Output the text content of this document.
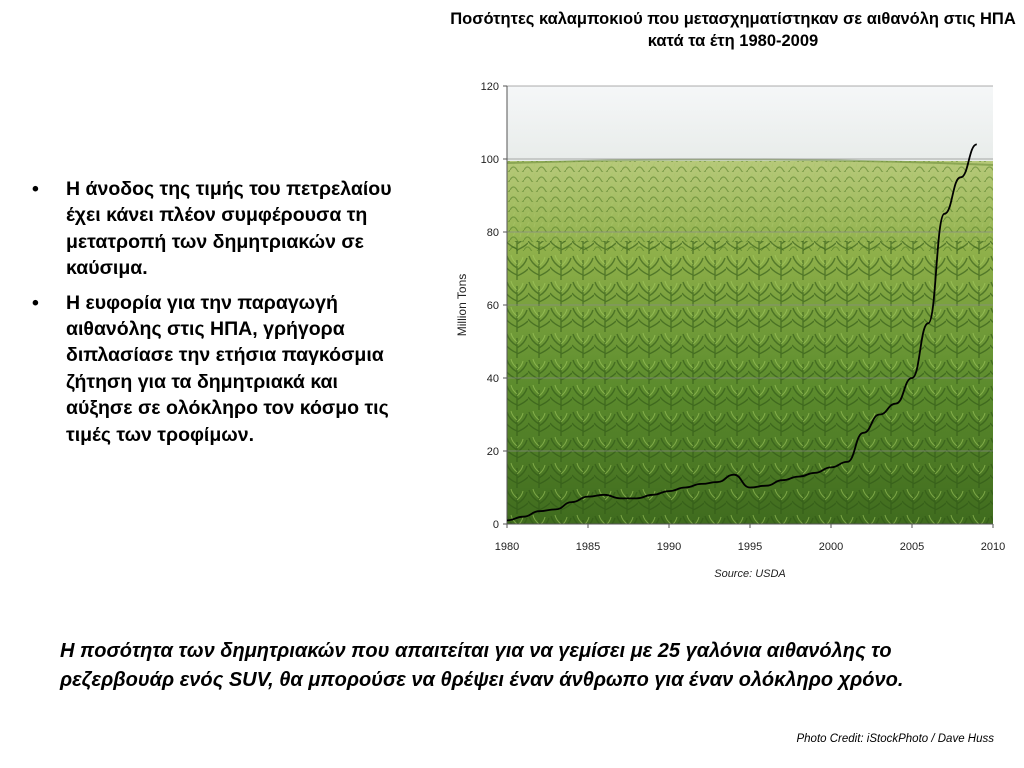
• Η άνοδος της τιμής του πετρελαίου έχει κάνει πλέον συμφέρουσα τη μετατροπή των δημητριακών σε καύσιμα.
• Η ευφορία για την παραγωγή αιθανόλης στις ΗΠΑ, γρήγορα διπλασίασε την ετήσια παγκόσμια ζήτηση για τα δημητριακά και αύξησε σε ολόκληρο τον κόσμο τις τιμές των τροφίμων.
Ποσότητες καλαμποκιού που μετασχηματίστηκαν σε αιθανόλη στις ΗΠΑ κατά τα έτη 1980-2009
0
20
40
60
80
100
120
1980	1985	1990	1995	2000	2005	2010
Million Tons
Source: USDA
Η ποσότητα των δημητριακών που απαιτείται για να γεμίσει με 25 γαλόνια αιθανόλης το ρεζερβουάρ ενός SUV, θα μπορούσε να θρέψει έναν άνθρωπο για έναν ολόκληρο χρόνο.
Photo Credit: iStockPhoto / Dave Huss
